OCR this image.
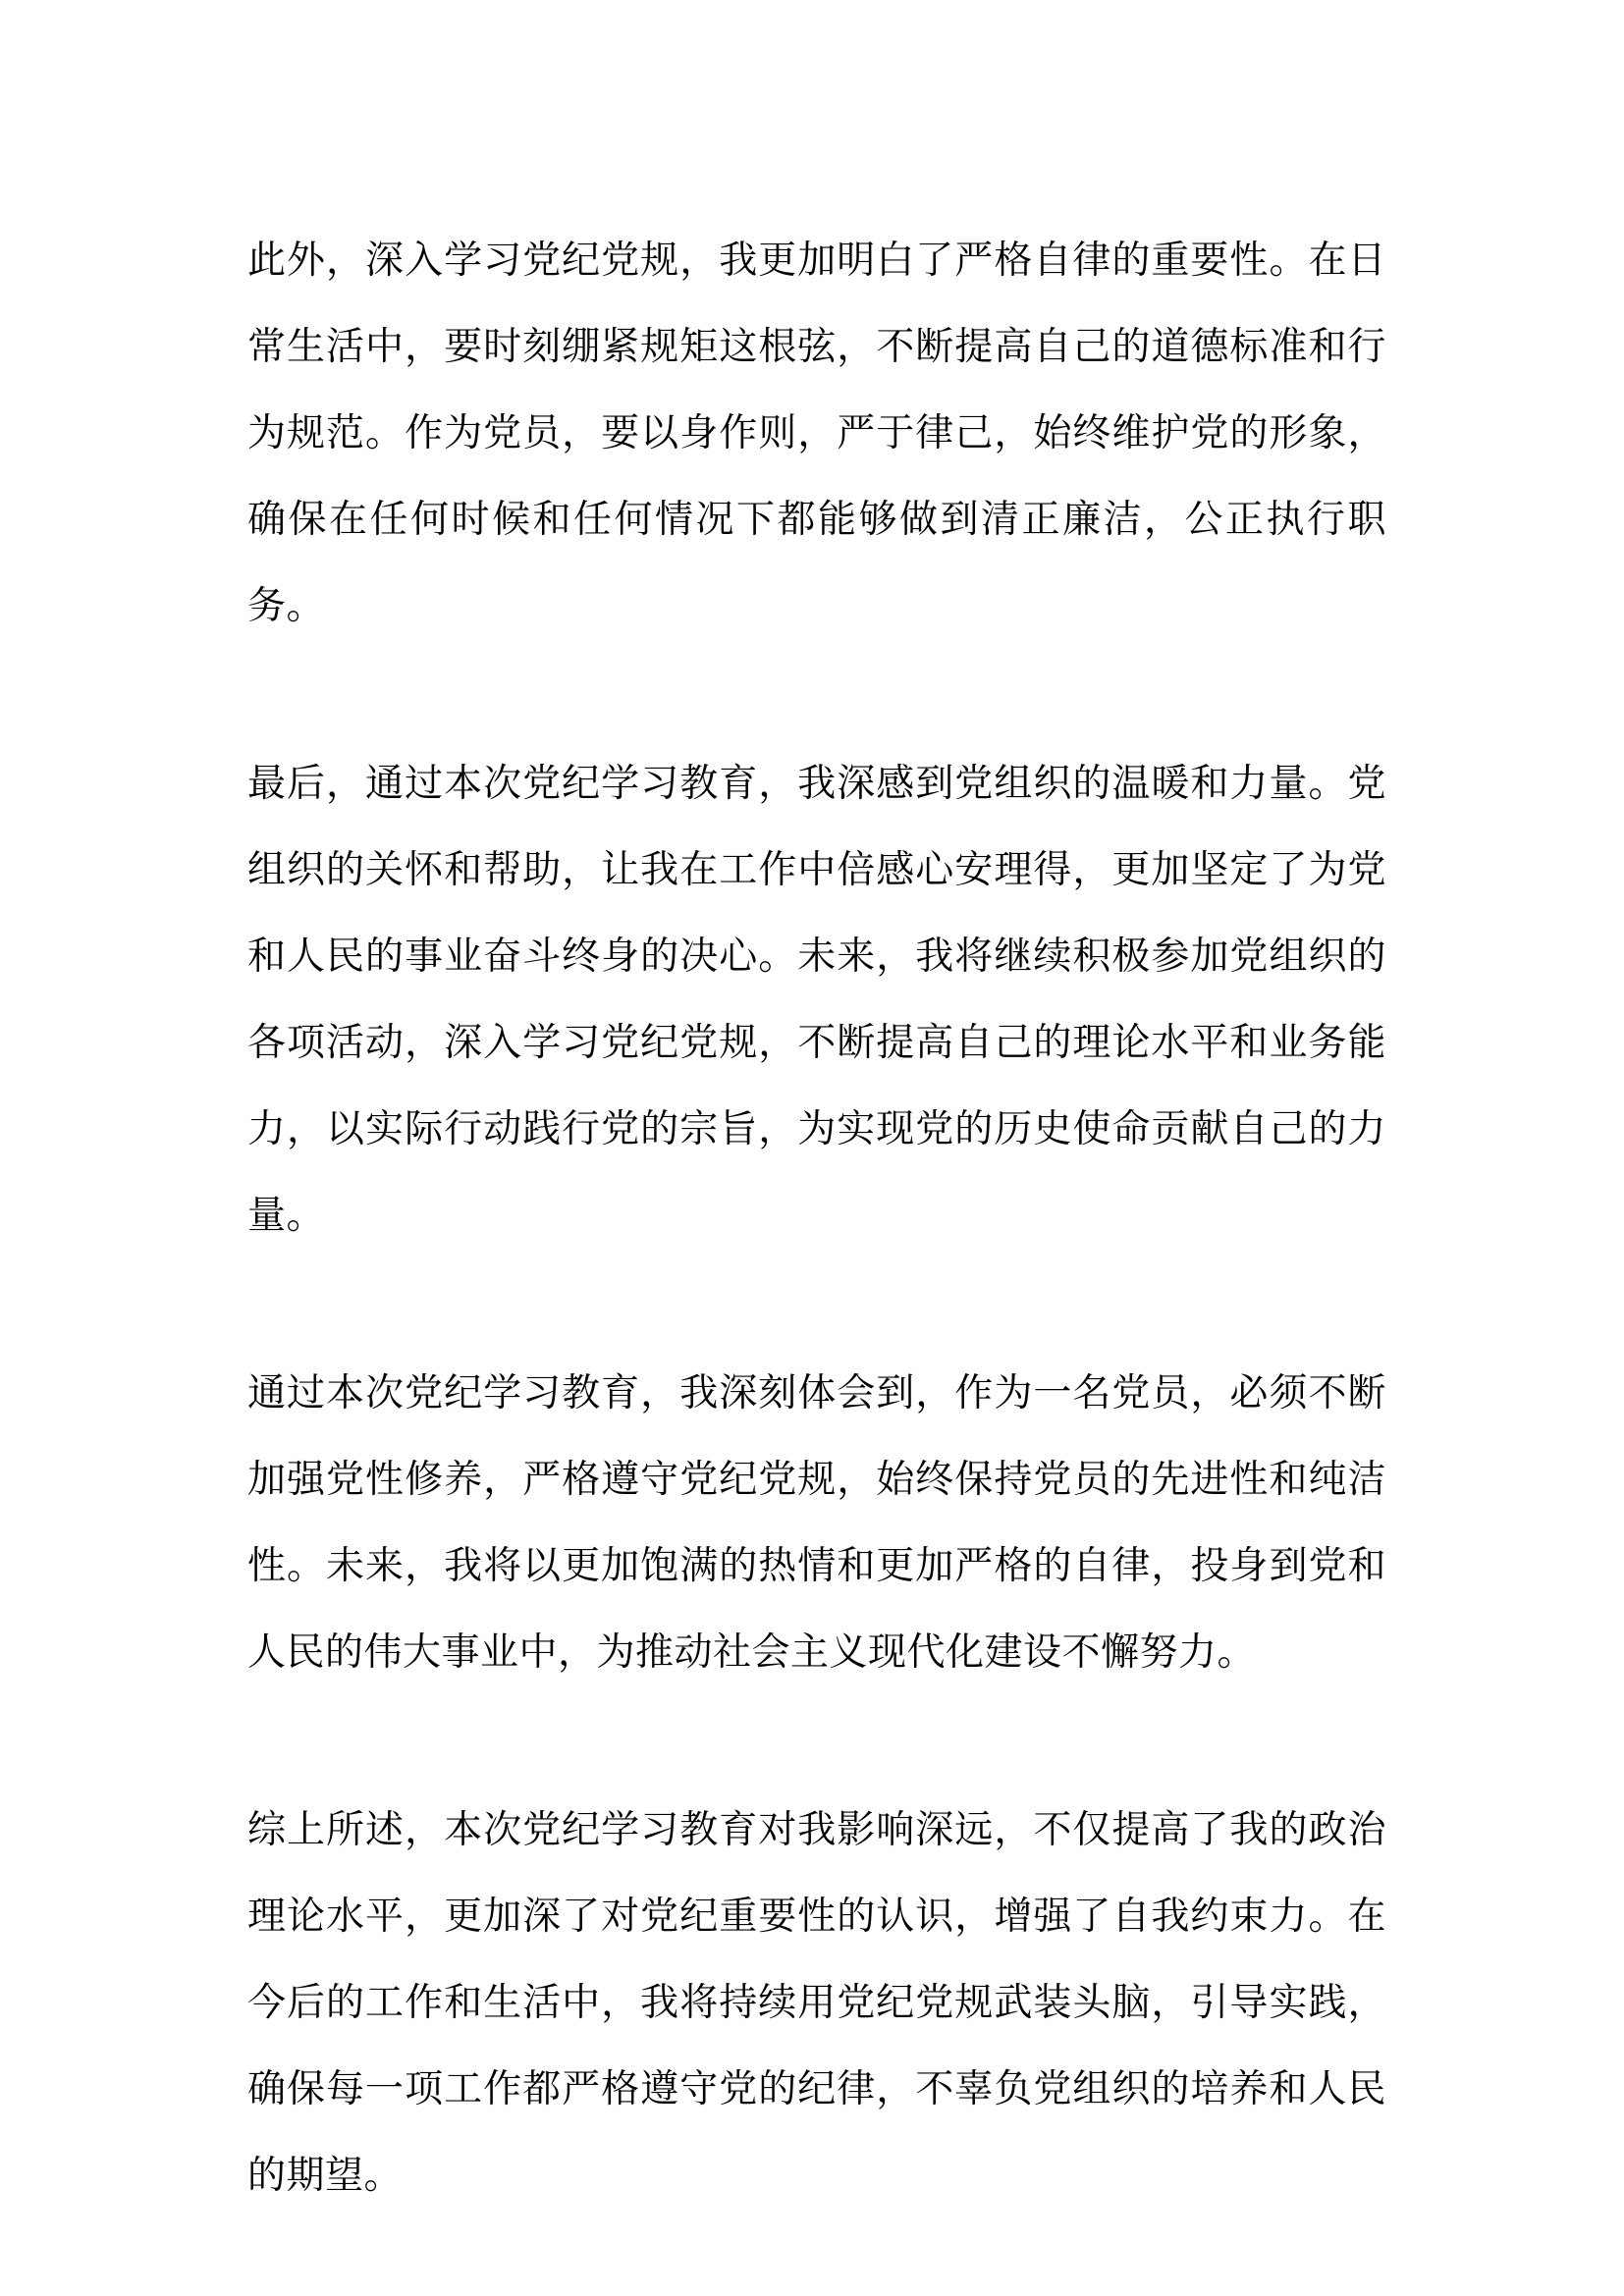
此外，深入学习党纪党规，我更加明白了严格自律的重要性。在日常生活中，要时刻绷紧规矩这根弦，不断提高自己的道德标准和行为规范。作为党员，要以身作则，严于律己，始终维护党的形象，确保在任何时候和任何情况下都能够做到清正廉洁，公正执行职务。

最后，通过本次党纪学习教育，我深感到党组织的温暖和力量。党组织的关怀和帮助，让我在工作中倍感心安理得，更加坚定了为党和人民的事业奋斗终身的决心。未来，我将继续积极参加党组织的各项活动，深入学习党纪党规，不断提高自己的理论水平和业务能力，以实际行动践行党的宗旨，为实现党的历史使命贡献自己的力量。

通过本次党纪学习教育，我深刻体会到，作为一名党员，必须不断加强党性修养，严格遵守党纪党规，始终保持党员的先进性和纯洁性。未来，我将以更加饱满的热情和更加严格的自律，投身到党和人民的伟大事业中，为推动社会主义现代化建设不懈努力。

综上所述，本次党纪学习教育对我影响深远，不仅提高了我的政治理论水平，更加深了对党纪重要性的认识，增强了自我约束力。在今后的工作和生活中，我将持续用党纪党规武装头脑，引导实践，确保每一项工作都严格遵守党的纪律，不辜负党组织的培养和人民的期望。
